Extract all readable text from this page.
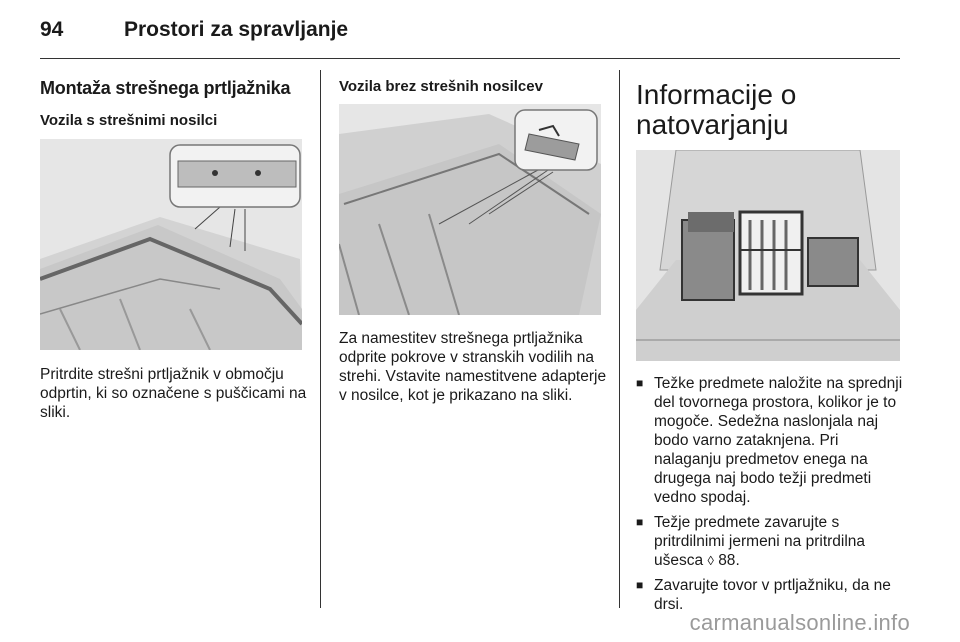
94	Prostori za spravljanje
Montaža strešnega prtljažnika
Vozila s strešnimi nosilci

Pritrdite strešni prtljažnik v območju odprtin, ki so označene s puščicami na sliki.

Vozila brez strešnih nosilcev

Za namestitev strešnega prtljažnika odprite pokrove v stranskih vodilih na strehi. Vstavite namestitvene adapterje v nosilce, kot je prikazano na sliki.

Informacije o
natovarjanju
■ Težke predmete naložite na sprednji del tovornega prostora, kolikor je to mogoče. Sedežna naslonjala naj bodo varno zataknjena. Pri nalaganju predmetov enega na drugega naj bodo težji predmeti vedno spodaj.
■ Težje predmete zavarujte s pritrdilnimi jermeni na pritrdilna ušesca ◊ 88.
■ Zavarujte tovor v prtljažniku, da ne drsi.
carmanualsonline.info
